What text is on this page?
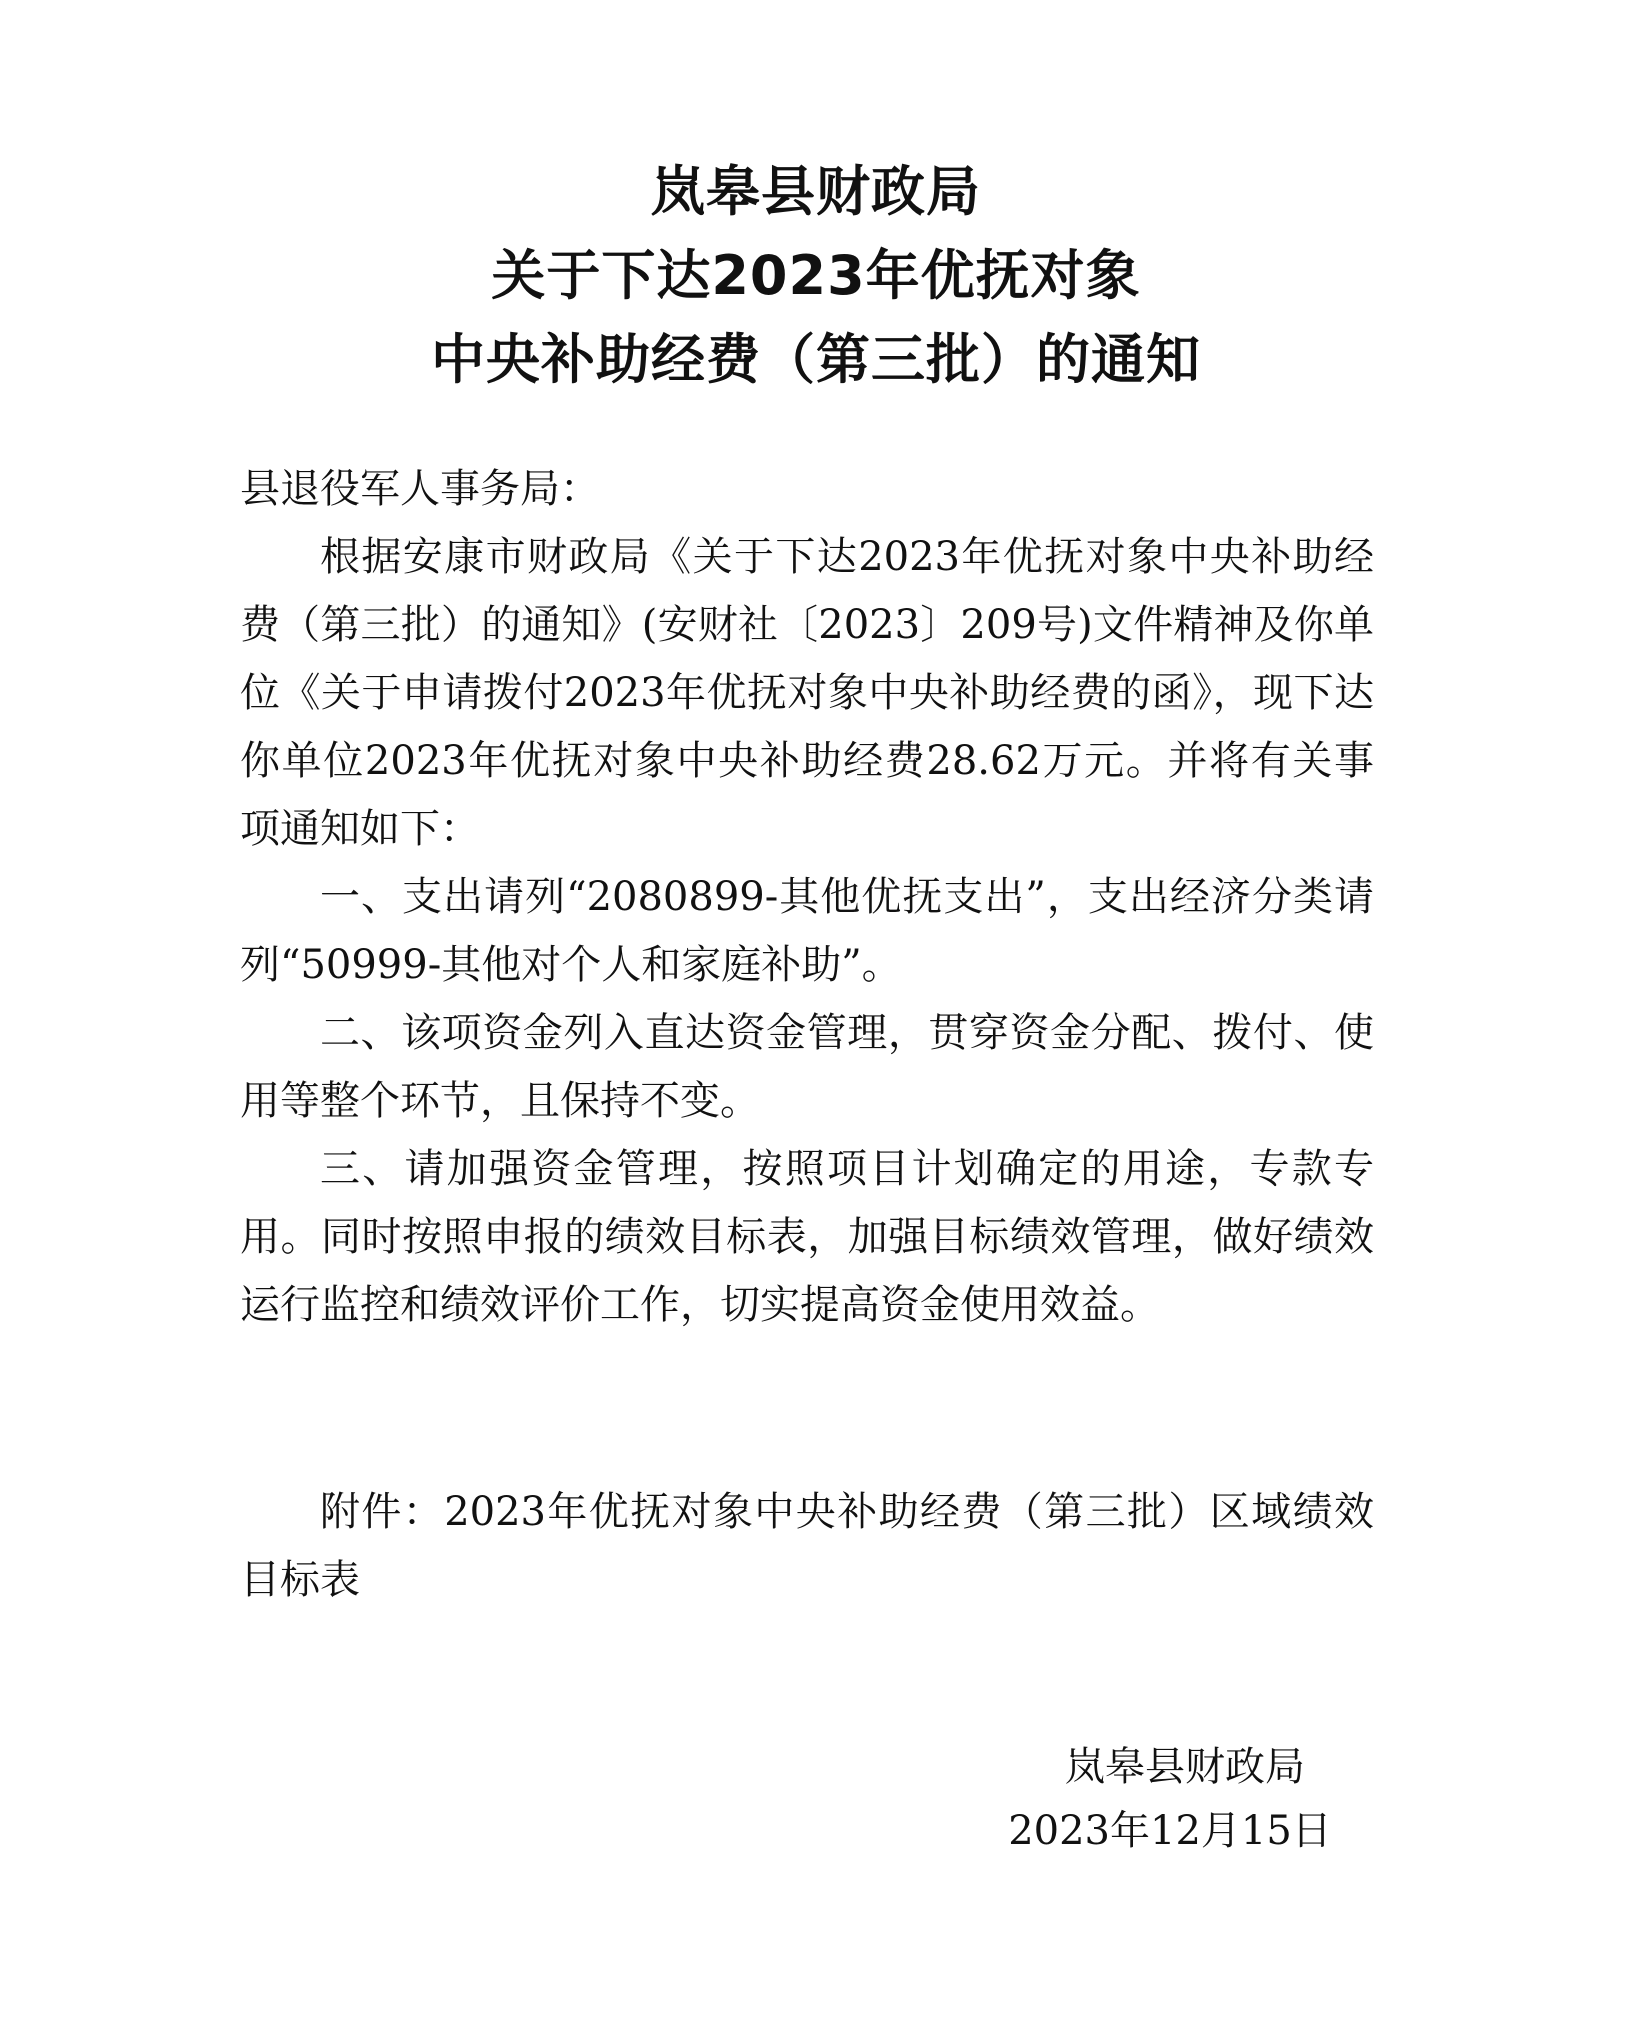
岚皋县财政局
关于下达2023年优抚对象
中央补助经费（第三批）的通知

县退役军人事务局：

根据安康市财政局《关于下达2023年优抚对象中央补助经费（第三批）的通知》(安财社〔2023〕209号)文件精神及你单位《关于申请拨付2023年优抚对象中央补助经费的函》，现下达你单位2023年优抚对象中央补助经费28.62万元。并将有关事项通知如下：

一、支出请列“2080899-其他优抚支出”，支出经济分类请列“50999-其他对个人和家庭补助”。

二、该项资金列入直达资金管理，贯穿资金分配、拨付、使用等整个环节，且保持不变。

三、请加强资金管理，按照项目计划确定的用途，专款专用。同时按照申报的绩效目标表，加强目标绩效管理，做好绩效运行监控和绩效评价工作，切实提高资金使用效益。

附件：2023年优抚对象中央补助经费（第三批）区域绩效目标表

岚皋县财政局
2023年12月15日
